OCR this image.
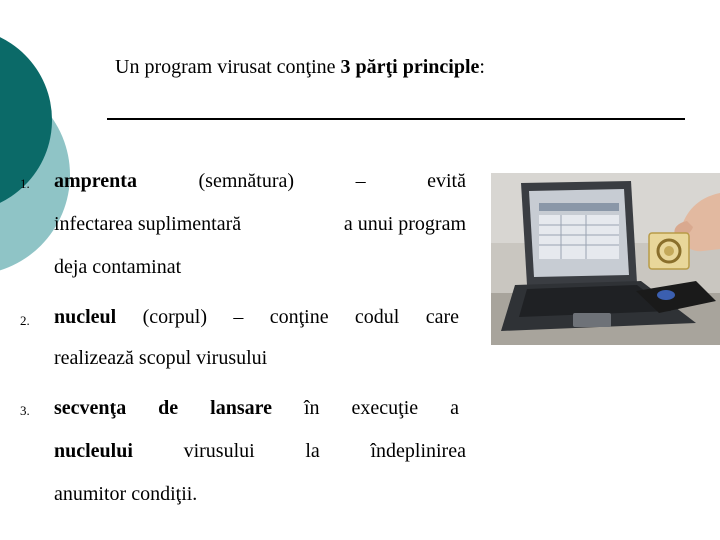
Un program virusat conţine 3 părţi principle:
1. amprenta	(semnătura)	–	evită
infectarea suplimentară	a unui program
deja contaminat
2. nucleul (corpul) – conţine codul care
realizează scopul virusului
3. secvenţa de lansare în execuţie a
nucleului	virusului	la	îndeplinirea
anumitor condiţii.
